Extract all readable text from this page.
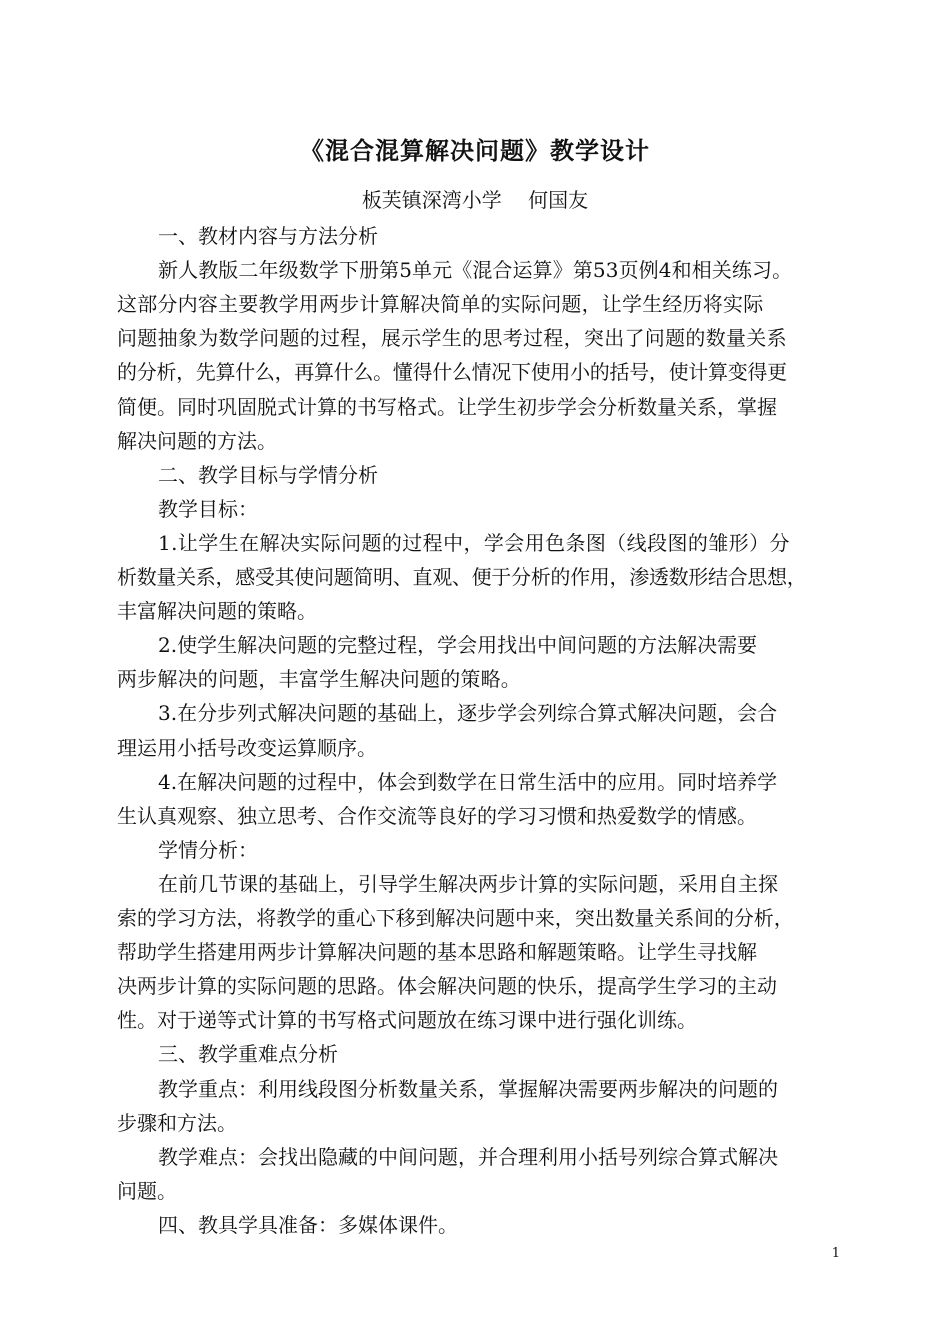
《混合混算解决问题》教学设计
板芙镇深湾小学　 何国友
一、教材内容与方法分析
新人教版二年级数学下册第5单元《混合运算》第53页例4和相关练习。
这部分内容主要教学用两步计算解决简单的实际问题，让学生经历将实际
问题抽象为数学问题的过程，展示学生的思考过程，突出了问题的数量关系
的分析，先算什么，再算什么。懂得什么情况下使用小的括号，使计算变得更
简便。同时巩固脱式计算的书写格式。让学生初步学会分析数量关系，掌握
解决问题的方法。
二、教学目标与学情分析
教学目标：
1.让学生在解决实际问题的过程中，学会用色条图（线段图的雏形）分
析数量关系，感受其使问题简明、直观、便于分析的作用，渗透数形结合思想，
丰富解决问题的策略。
2.使学生解决问题的完整过程，学会用找出中间问题的方法解决需要
两步解决的问题，丰富学生解决问题的策略。
3.在分步列式解决问题的基础上，逐步学会列综合算式解决问题，会合
理运用小括号改变运算顺序。
4.在解决问题的过程中，体会到数学在日常生活中的应用。同时培养学
生认真观察、独立思考、合作交流等良好的学习习惯和热爱数学的情感。
学情分析：
在前几节课的基础上，引导学生解决两步计算的实际问题，采用自主探
索的学习方法，将教学的重心下移到解决问题中来，突出数量关系间的分析，
帮助学生搭建用两步计算解决问题的基本思路和解题策略。让学生寻找解
决两步计算的实际问题的思路。体会解决问题的快乐，提高学生学习的主动
性。对于递等式计算的书写格式问题放在练习课中进行强化训练。
三、教学重难点分析
教学重点：利用线段图分析数量关系，掌握解决需要两步解决的问题的
步骤和方法。
教学难点：会找出隐藏的中间问题，并合理利用小括号列综合算式解决
问题。
四、教具学具准备：多媒体课件。
1
